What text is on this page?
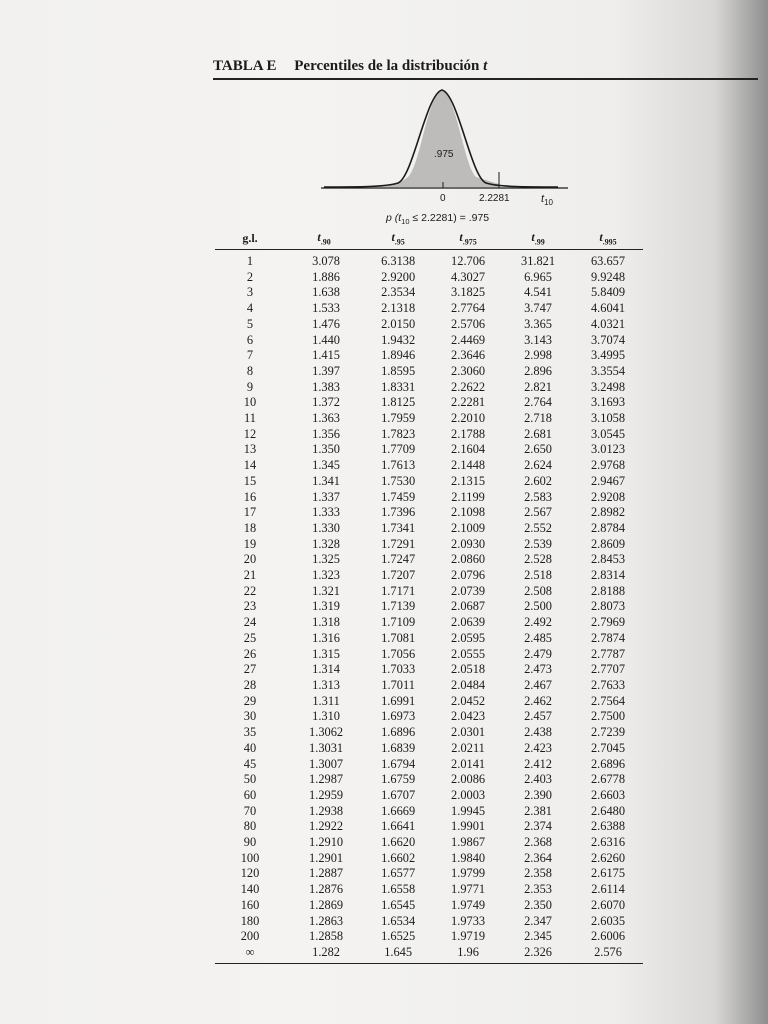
TABLA E Percentiles de la distribución t
.975
0	2.2281	$t_{10}$
p $(t_{10} \le 2.2281) = .975$
g.l.	$t_{.90}$	$t_{.95}$	$t_{.975}$	$t_{.99}$	$t_{.995}$
1	3.078	6.3138	12.706	31.821	63.657
2	1.886	2.9200	4.3027	6.965	9.9248
3	1.638	2.3534	3.1825	4.541	5.8409
4	1.533	2.1318	2.7764	3.747	4.6041
5	1.476	2.0150	2.5706	3.365	4.0321
6	1.440	1.9432	2.4469	3.143	3.7074
7	1.415	1.8946	2.3646	2.998	3.4995
8	1.397	1.8595	2.3060	2.896	3.3554
9	1.383	1.8331	2.2622	2.821	3.2498
10	1.372	1.8125	2.2281	2.764	3.1693
11	1.363	1.7959	2.2010	2.718	3.1058
12	1.356	1.7823	2.1788	2.681	3.0545
13	1.350	1.7709	2.1604	2.650	3.0123
14	1.345	1.7613	2.1448	2.624	2.9768
15	1.341	1.7530	2.1315	2.602	2.9467
16	1.337	1.7459	2.1199	2.583	2.9208
17	1.333	1.7396	2.1098	2.567	2.8982
18	1.330	1.7341	2.1009	2.552	2.8784
19	1.328	1.7291	2.0930	2.539	2.8609
20	1.325	1.7247	2.0860	2.528	2.8453
21	1.323	1.7207	2.0796	2.518	2.8314
22	1.321	1.7171	2.0739	2.508	2.8188
23	1.319	1.7139	2.0687	2.500	2.8073
24	1.318	1.7109	2.0639	2.492	2.7969
25	1.316	1.7081	2.0595	2.485	2.7874
26	1.315	1.7056	2.0555	2.479	2.7787
27	1.314	1.7033	2.0518	2.473	2.7707
28	1.313	1.7011	2.0484	2.467	2.7633
29	1.311	1.6991	2.0452	2.462	2.7564
30	1.310	1.6973	2.0423	2.457	2.7500
35	1.3062	1.6896	2.0301	2.438	2.7239
40	1.3031	1.6839	2.0211	2.423	2.7045
45	1.3007	1.6794	2.0141	2.412	2.6896
50	1.2987	1.6759	2.0086	2.403	2.6778
60	1.2959	1.6707	2.0003	2.390	2.6603
70	1.2938	1.6669	1.9945	2.381	2.6480
80	1.2922	1.6641	1.9901	2.374	2.6388
90	1.2910	1.6620	1.9867	2.368	2.6316
100	1.2901	1.6602	1.9840	2.364	2.6260
120	1.2887	1.6577	1.9799	2.358	2.6175
140	1.2876	1.6558	1.9771	2.353	2.6114
160	1.2869	1.6545	1.9749	2.350	2.6070
180	1.2863	1.6534	1.9733	2.347	2.6035
200	1.2858	1.6525	1.9719	2.345	2.6006
∞	1.282	1.645	1.96	2.326	2.576
